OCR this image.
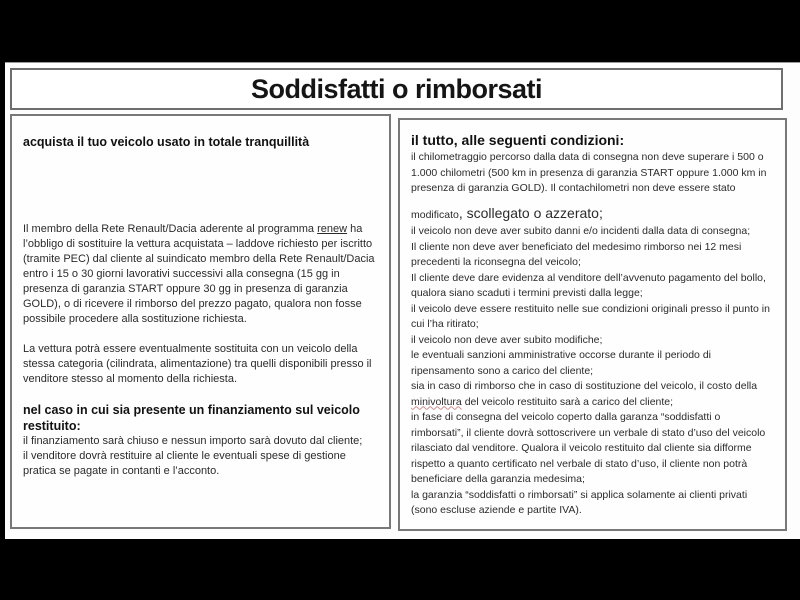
Soddisfatti o rimborsati

acquista il tuo veicolo usato in totale tranquillità

Il membro della Rete Renault/Dacia aderente al programma renew ha l’obbligo di sostituire la vettura acquistata – laddove richiesto per iscritto (tramite PEC) dal cliente al suindicato membro della Rete Renault/Dacia entro i 15 o 30 giorni lavorativi successivi alla consegna (15 gg in presenza di garanzia START oppure 30 gg in presenza di garanzia GOLD), o di ricevere il rimborso del prezzo pagato, qualora non fosse possibile procedere alla sostituzione richiesta.

La vettura potrà essere eventualmente sostituita con un veicolo della stessa categoria (cilindrata, alimentazione) tra quelli disponibili presso il venditore stesso al momento della richiesta.

nel caso in cui sia presente un finanziamento sul veicolo restituito:

il finanziamento sarà chiuso e nessun importo sarà dovuto dal cliente;

il venditore dovrà restituire al cliente le eventuali spese di gestione pratica se pagate in contanti e l’acconto.

il tutto, alle seguenti condizioni:

il chilometraggio percorso dalla data di consegna non deve superare i 500 o 1.000 chilometri (500 km in presenza di garanzia START oppure 1.000 km in presenza di garanzia GOLD). Il contachilometri non deve essere stato

modificato, scollegato o azzerato;

il veicolo non deve aver subito danni e/o incidenti dalla data di consegna;

Il cliente non deve aver beneficiato del medesimo rimborso nei 12 mesi precedenti la riconsegna del veicolo;

Il cliente deve dare evidenza al venditore dell’avvenuto pagamento del bollo, qualora siano scaduti i termini previsti dalla legge;

il veicolo deve essere restituito nelle sue condizioni originali presso il punto in cui l’ha ritirato;

il veicolo non deve aver subito modifiche;

le eventuali sanzioni amministrative occorse durante il periodo di ripensamento sono a carico del cliente;

sia in caso di rimborso che in caso di sostituzione del veicolo, il costo della minivoltura del veicolo restituito sarà a carico del cliente;

in fase di consegna del veicolo coperto dalla garanza “soddisfatti o rimborsati”, il cliente dovrà sottoscrivere un verbale di stato d’uso del veicolo rilasciato dal venditore. Qualora il veicolo restituito dal cliente sia difforme rispetto a quanto certificato nel verbale di stato d’uso, il cliente non potrà beneficiare della garanzia medesima;

la garanzia “soddisfatti o rimborsati” si applica solamente ai clienti privati (sono escluse aziende e partite IVA).
